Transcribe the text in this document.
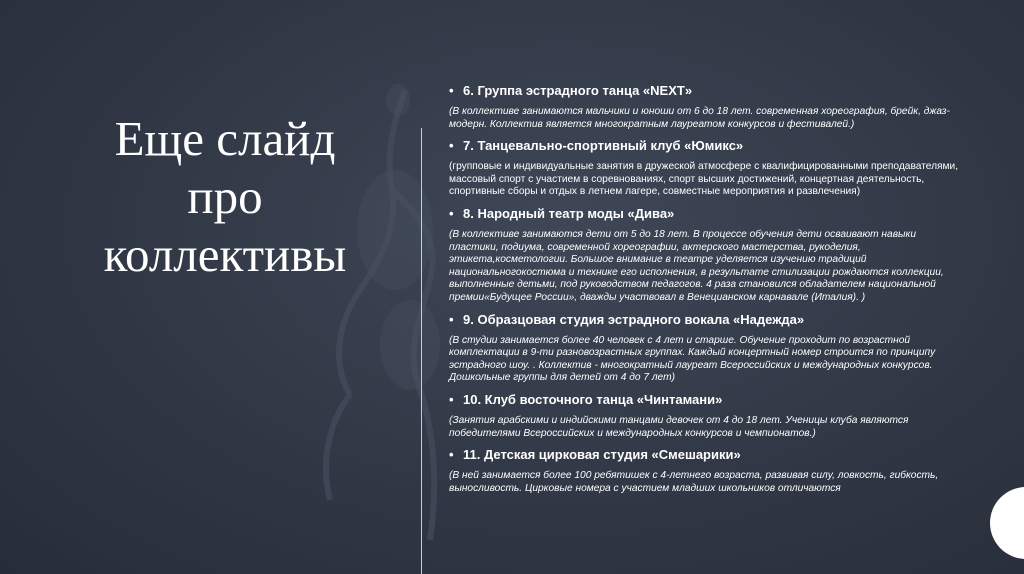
Еще слайд
про
коллективы
• 6. Группа эстрадного танца «NEXT»
(В коллективе занимаются мальчики и юноши от 6 до 18 лет. современная хореография, брейк, джаз-модерн. Коллектив является многократным лауреатом конкурсов и фестивалей.)
• 7. Танцевально-спортивный клуб «Юмикс»
(групповые и индивидуальные занятия в дружеской атмосфере с квалифицированными преподавателями, массовый спорт с участием в соревнованиях, спорт высших достижений, концертная деятельность, спортивные сборы и отдых в летнем лагере, совместные мероприятия и развлечения)
• 8. Народный театр моды «Дива»
(В коллективе занимаются дети от 5 до 18 лет. В процессе обучения дети осваивают навыки пластики, подиума, современной хореографии, актерского мастерства, рукоделия, этикета,косметологии. Большое внимание в театре уделяется изучению традиций национальногокостюма и технике его исполнения, в результате стилизации рождаются коллекции, выполненные детьми, под руководством педагогов. 4 раза становился обладателем национальной премии«Будущее России», дважды участвовал в Венецианском карнавале (Италия). )
• 9. Образцовая студия эстрадного вокала «Надежда»
(В студии занимается более 40 человек с 4 лет и старше. Обучение проходит по возрастной комплектации в 9-ти разновозрастных группах. Каждый концертный номер строится по принципу эстрадного шоу. . Коллектив - многократный лауреат Всероссийских и международных конкурсов. Дошкольные группы для детей от 4 до 7 лет)
• 10. Клуб восточного танца «Чинтамани»
(Занятия арабскими и индийскими танцами девочек от 4 до 18 лет. Ученицы клуба являются победителями Всероссийских и международных конкурсов и чемпионатов.)
• 11. Детская цирковая студия «Смешарики»
(В ней занимается более 100 ребятишек с 4-летнего возраста, развивая силу, ловкость, гибкость, выносливость. Цирковые номера с участием младших школьников отличаются
